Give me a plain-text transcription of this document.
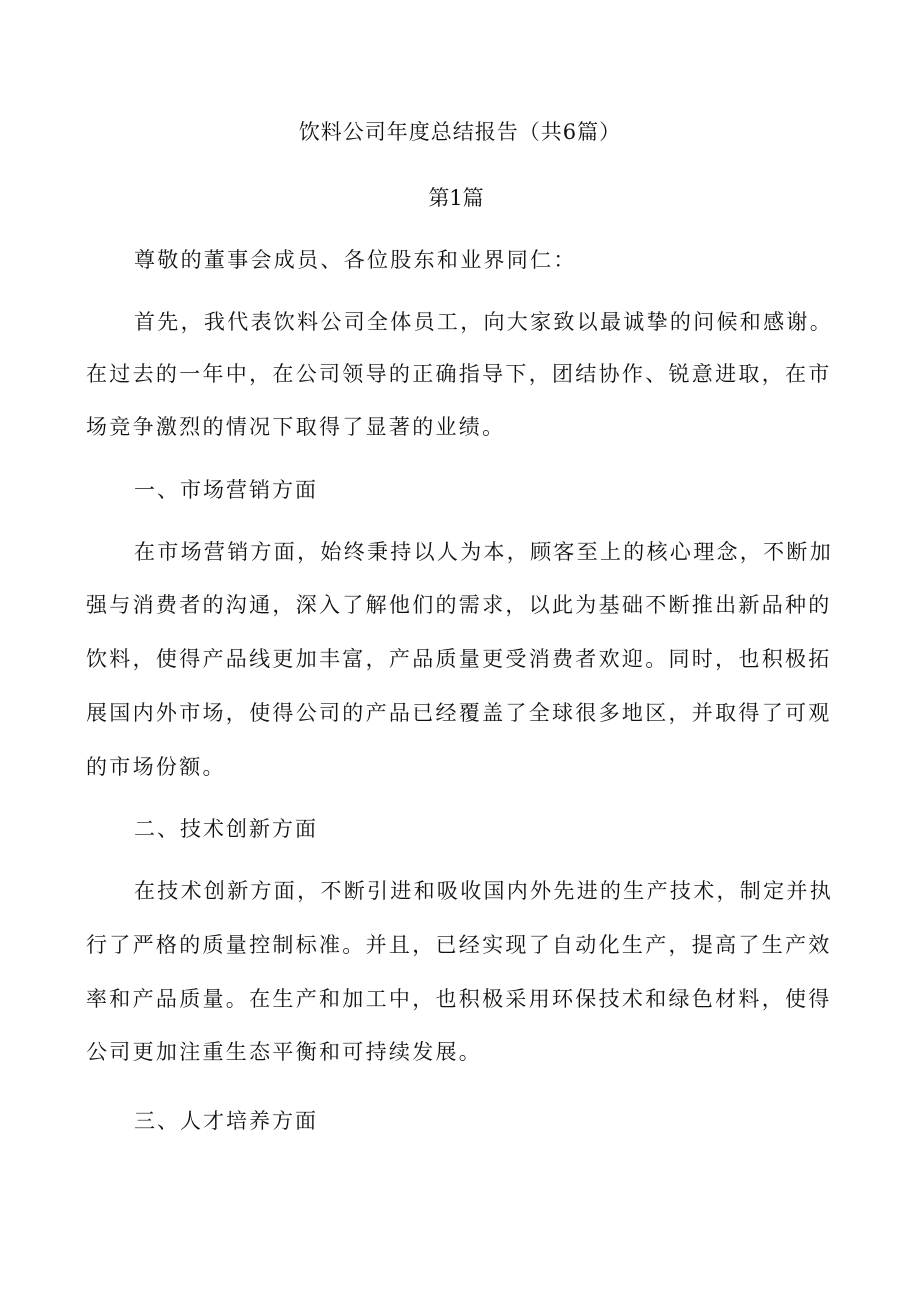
饮料公司年度总结报告（共6篇）
第1篇
尊敬的董事会成员、各位股东和业界同仁：
首先，我代表饮料公司全体员工，向大家致以最诚挚的问候和感谢。
在过去的一年中，在公司领导的正确指导下，团结协作、锐意进取，在市
场竞争激烈的情况下取得了显著的业绩。
一、市场营销方面
在市场营销方面，始终秉持以人为本，顾客至上的核心理念，不断加
强与消费者的沟通，深入了解他们的需求，以此为基础不断推出新品种的
饮料，使得产品线更加丰富，产品质量更受消费者欢迎。同时，也积极拓
展国内外市场，使得公司的产品已经覆盖了全球很多地区，并取得了可观
的市场份额。
二、技术创新方面
在技术创新方面，不断引进和吸收国内外先进的生产技术，制定并执
行了严格的质量控制标准。并且，已经实现了自动化生产，提高了生产效
率和产品质量。在生产和加工中，也积极采用环保技术和绿色材料，使得
公司更加注重生态平衡和可持续发展。
三、人才培养方面
